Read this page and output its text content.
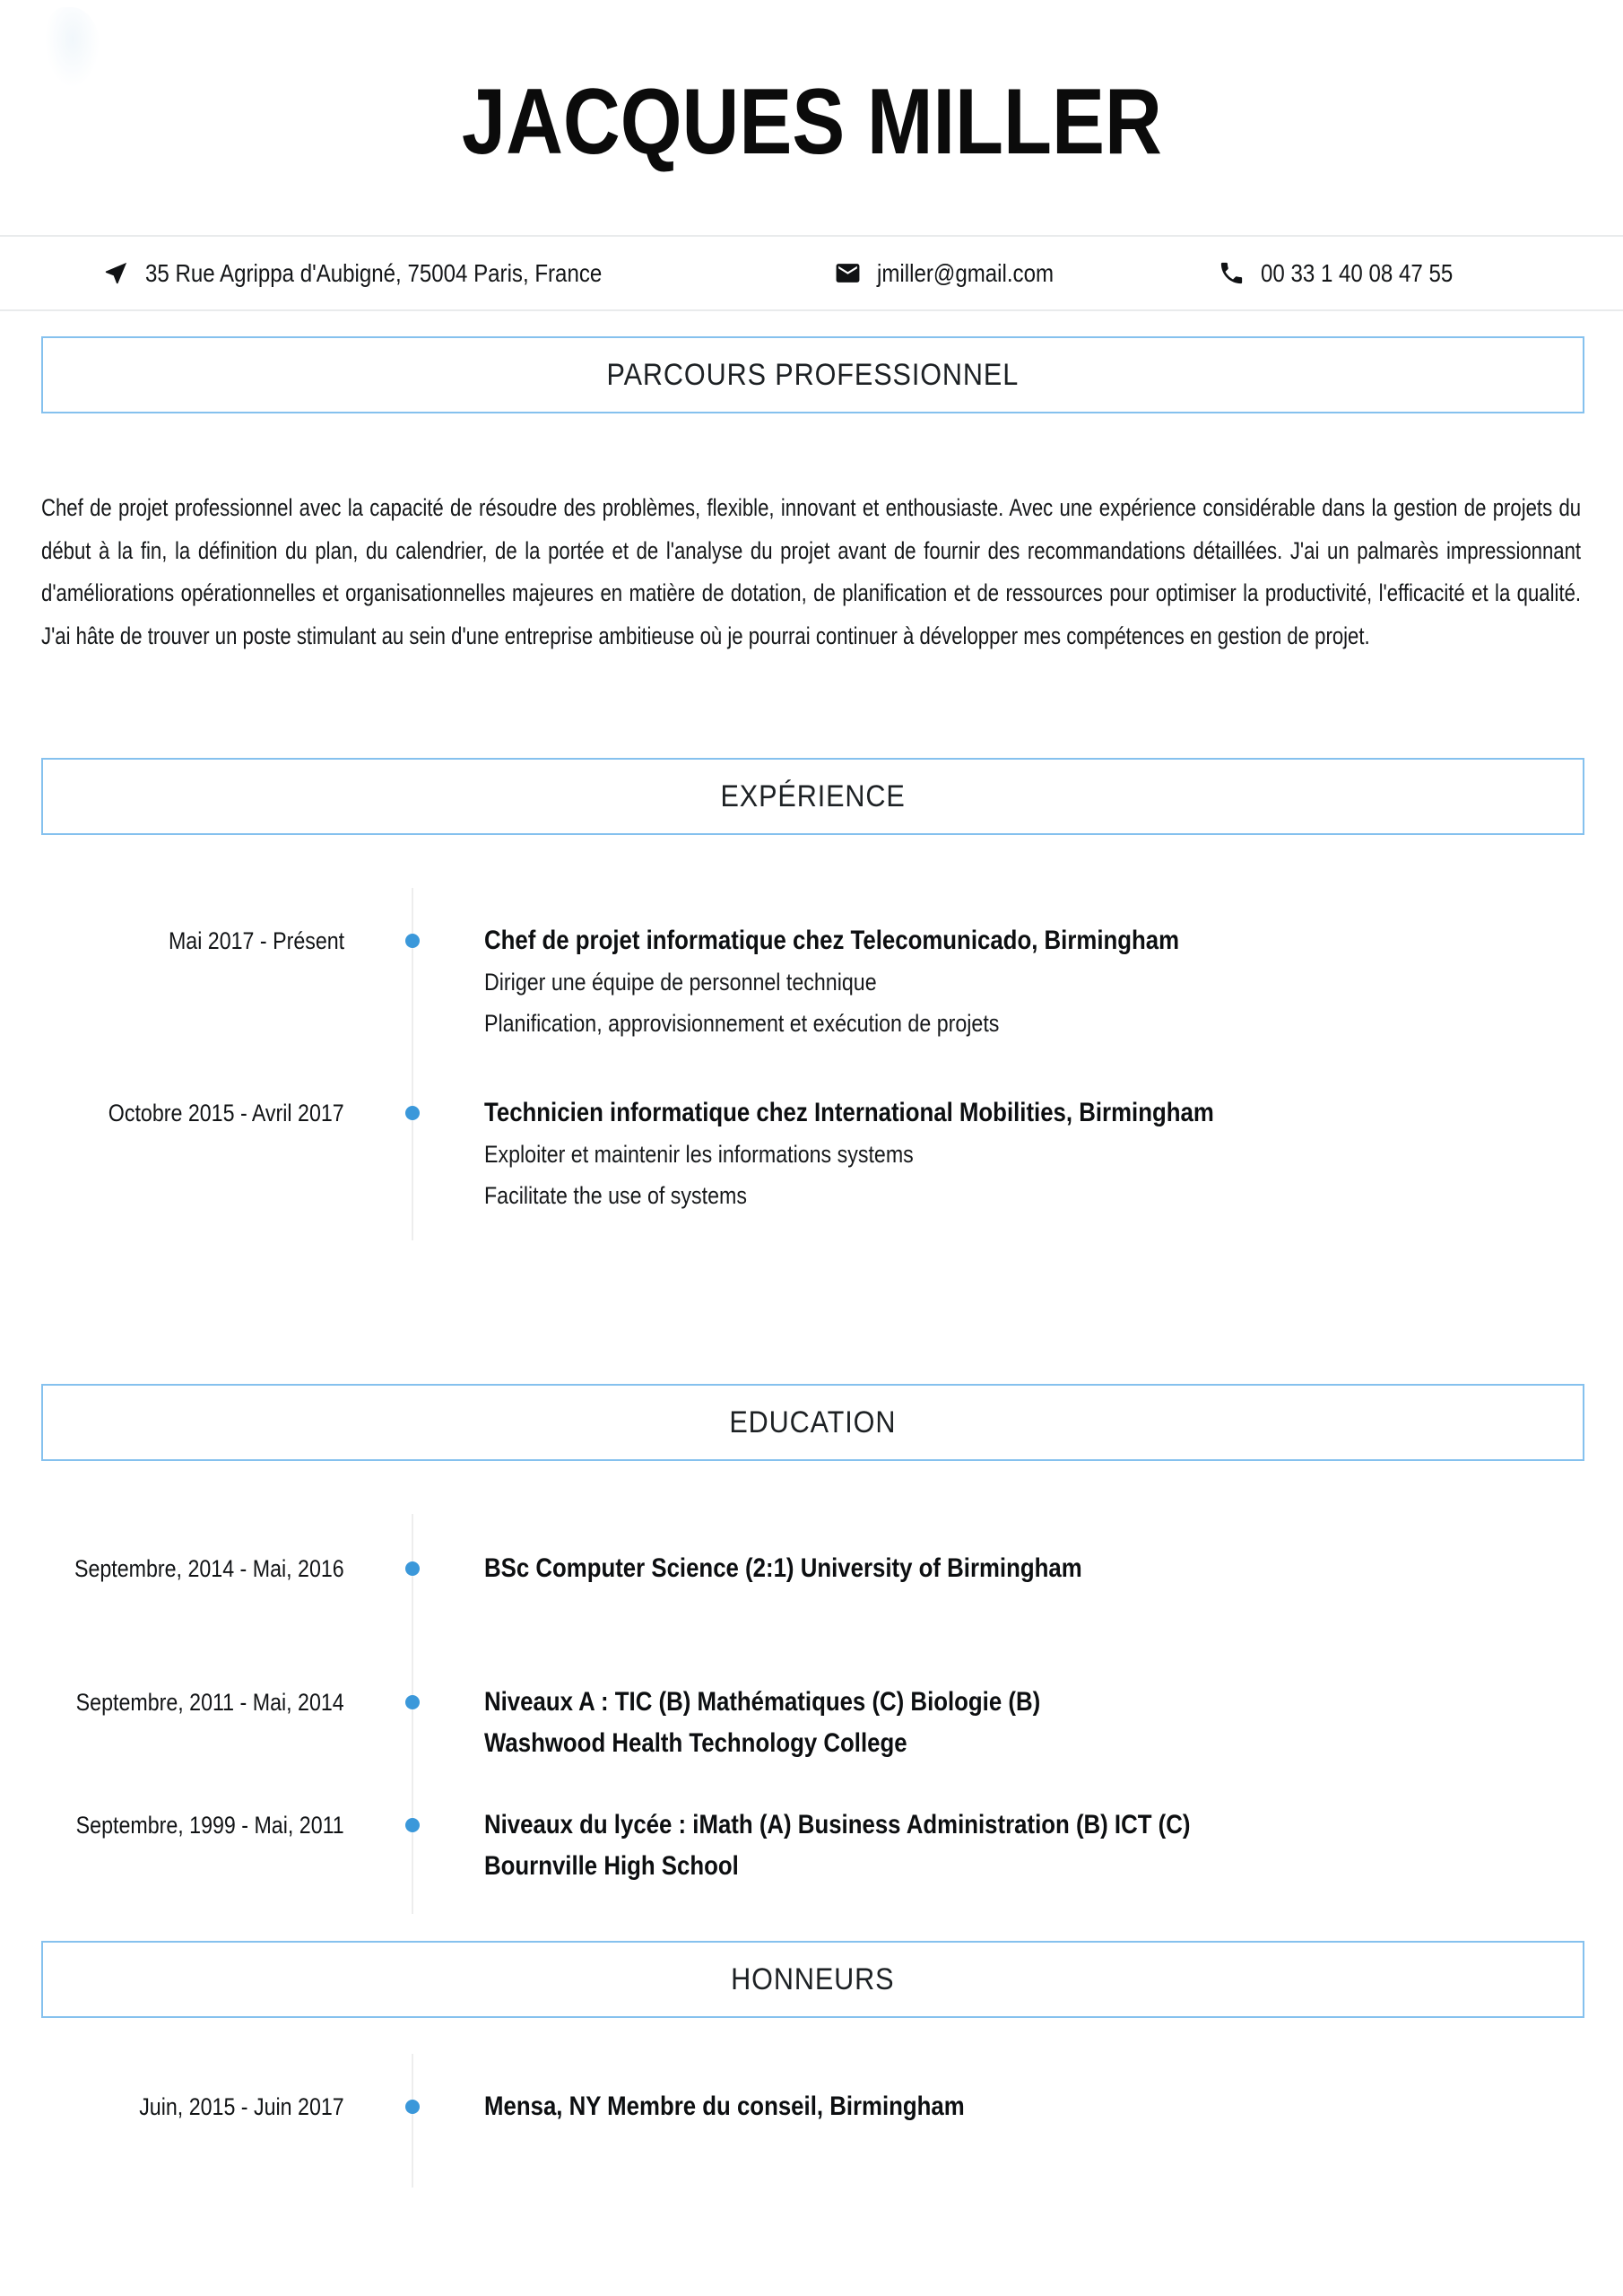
JACQUES MILLER
35 Rue Agrippa d'Aubigné, 75004 Paris, France	jmiller@gmail.com	00 33 1 40 08 47 55
PARCOURS PROFESSIONNEL

Chef de projet professionnel avec la capacité de résoudre des problèmes, flexible, innovant et enthousiaste. Avec une expérience considérable dans la gestion de projets du début à la fin, la définition du plan, du calendrier, de la portée et de l'analyse du projet avant de fournir des recommandations détaillées. J'ai un palmarès impressionnant d'améliorations opérationnelles et organisationnelles majeures en matière de dotation, de planification et de ressources pour optimiser la productivité, l'efficacité et la qualité. J'ai hâte de trouver un poste stimulant au sein d'une entreprise ambitieuse où je pourrai continuer à développer mes compétences en gestion de projet.

EXPÉRIENCE
Mai 2017 - Présent	Chef de projet informatique chez Telecomunicado, Birmingham
Diriger une équipe de personnel technique
Planification, approvisionnement et exécution de projets
Octobre 2015 - Avril 2017	Technicien informatique chez International Mobilities, Birmingham
Exploiter et maintenir les informations systems
Facilitate the use of systems
EDUCATION
Septembre, 2014 - Mai, 2016	BSc Computer Science (2:1) University of Birmingham
Septembre, 2011 - Mai, 2014	Niveaux A : TIC (B) Mathématiques (C) Biologie (B)
Washwood Health Technology College
Septembre, 1999 - Mai, 2011	Niveaux du lycée : iMath (A) Business Administration (B) ICT (C)
Bournville High School
HONNEURS
Juin, 2015 - Juin 2017	Mensa, NY Membre du conseil, Birmingham
